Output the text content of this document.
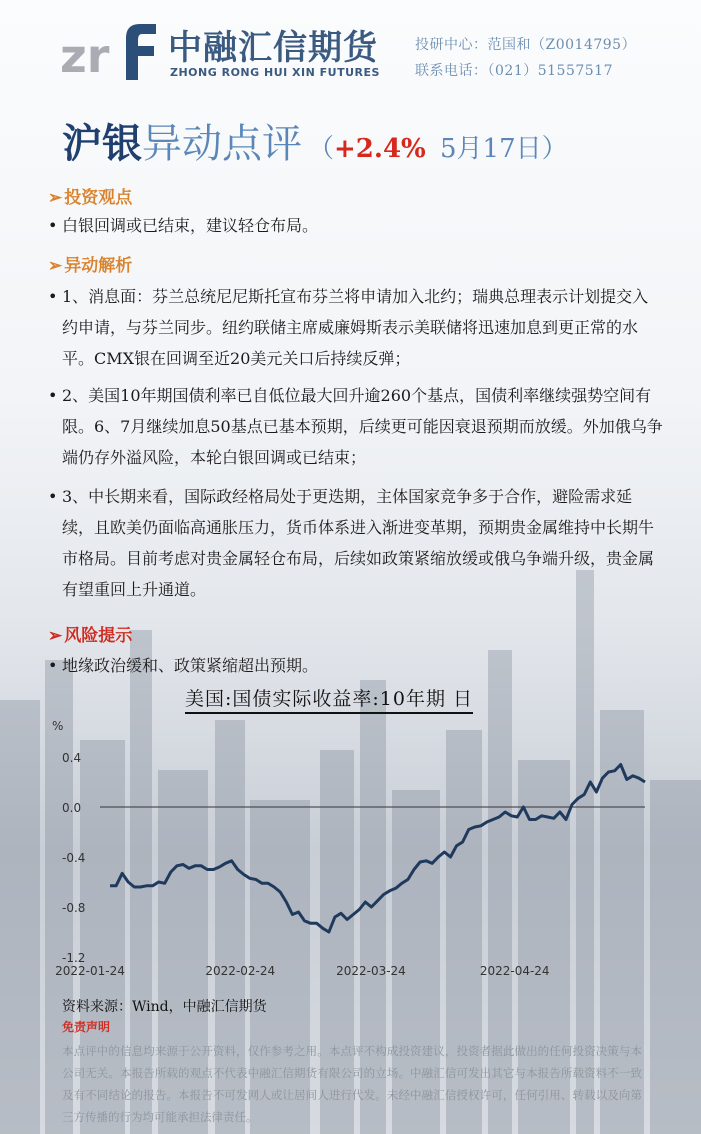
zr 中融汇信期货
ZHONG RONG HUI XIN FUTURES
投研中心：范国和（Z0014795）
联系电话：（021）51557517
沪银异动点评 （+2.4% 5月17日）
➢ 投资观点
• 白银回调或已结束，建议轻仓布局。
➢ 异动解析
• 1、消息面：芬兰总统尼尼斯托宣布芬兰将申请加入北约；瑞典总理表示计划提交入约申请，与芬兰同步。纽约联储主席威廉姆斯表示美联储将迅速加息到更正常的水平。CMX银在回调至近20美元关口后持续反弹；
• 2、美国10年期国债利率已自低位最大回升逾260个基点，国债利率继续强势空间有限。6、7月继续加息50基点已基本预期，后续更可能因衰退预期而放缓。外加俄乌争端仍存外溢风险，本轮白银回调或已结束；
• 3、中长期来看，国际政经格局处于更迭期，主体国家竞争多于合作，避险需求延续，且欧美仍面临高通胀压力，货币体系进入渐进变革期，预期贵金属维持中长期牛市格局。目前考虑对贵金属轻仓布局，后续如政策紧缩放缓或俄乌争端升级，贵金属有望重回上升通道。
➢ 风险提示
• 地缘政治缓和、政策紧缩超出预期。
美国:国债实际收益率:10年期 日
%
0.4
0.0
-0.4
-0.8
-1.2
2022-01-24	2022-02-24	2022-03-24	2022-04-24
资料来源：Wind，中融汇信期货
免责声明
本点评中的信息均来源于公开资料，仅作参考之用。本点评不构成投资建议，投资者据此做出的任何投资决策与本公司无关。本报告所载的观点不代表中融汇信期货有限公司的立场。中融汇信可发出其它与本报告所载资料不一致及有不同结论的报告。本报告不可发网人或让居间人进行代发。未经中融汇信授权许可，任何引用、转载以及向第三方传播的行为均可能承担法律责任。
